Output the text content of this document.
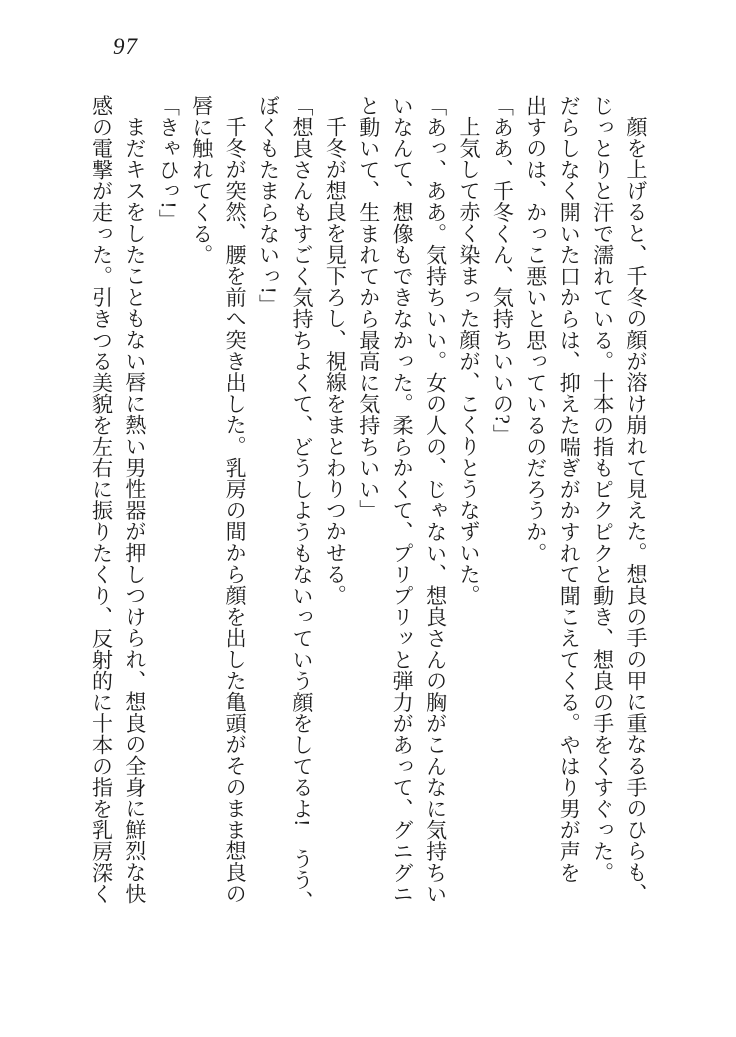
97
顔を上げると、千冬の顔が溶け崩れて見えた。想良の手の甲に重なる手のひらも、
じっとりと汗で濡れている。十本の指もピクピクと動き、想良の手をくすぐった。
だらしなく開いた口からは、抑えた喘ぎがかすれて聞こえてくる。やはり男が声を
出すのは、かっこ悪いと思っているのだろうか。
「ああ、千冬くん、気持ちいいの?」
上気して赤く染まった顔が、こくりとうなずいた。
「あっ、ああ。気持ちいい。女の人の、じゃない、想良さんの胸がこんなに気持ちい
いなんて、想像もできなかった。柔らかくて、プリプリッと弾力があって、グニグニ
と動いて、生まれてから最高に気持ちいい」
千冬が想良を見下ろし、視線をまとわりつかせる。
「想良さんもすごく気持ちよくて、どうしようもないっていう顔をしてるよ!　うう、
ぼくもたまらないっ!」
千冬が突然、腰を前へ突き出した。乳房の間から顔を出した亀頭がそのまま想良の
唇に触れてくる。
「きゃひっ!」
まだキスをしたこともない唇に熱い男性器が押しつけられ、想良の全身に鮮烈な快
感の電撃が走った。引きつる美貌を左右に振りたくり、反射的に十本の指を乳房深く
